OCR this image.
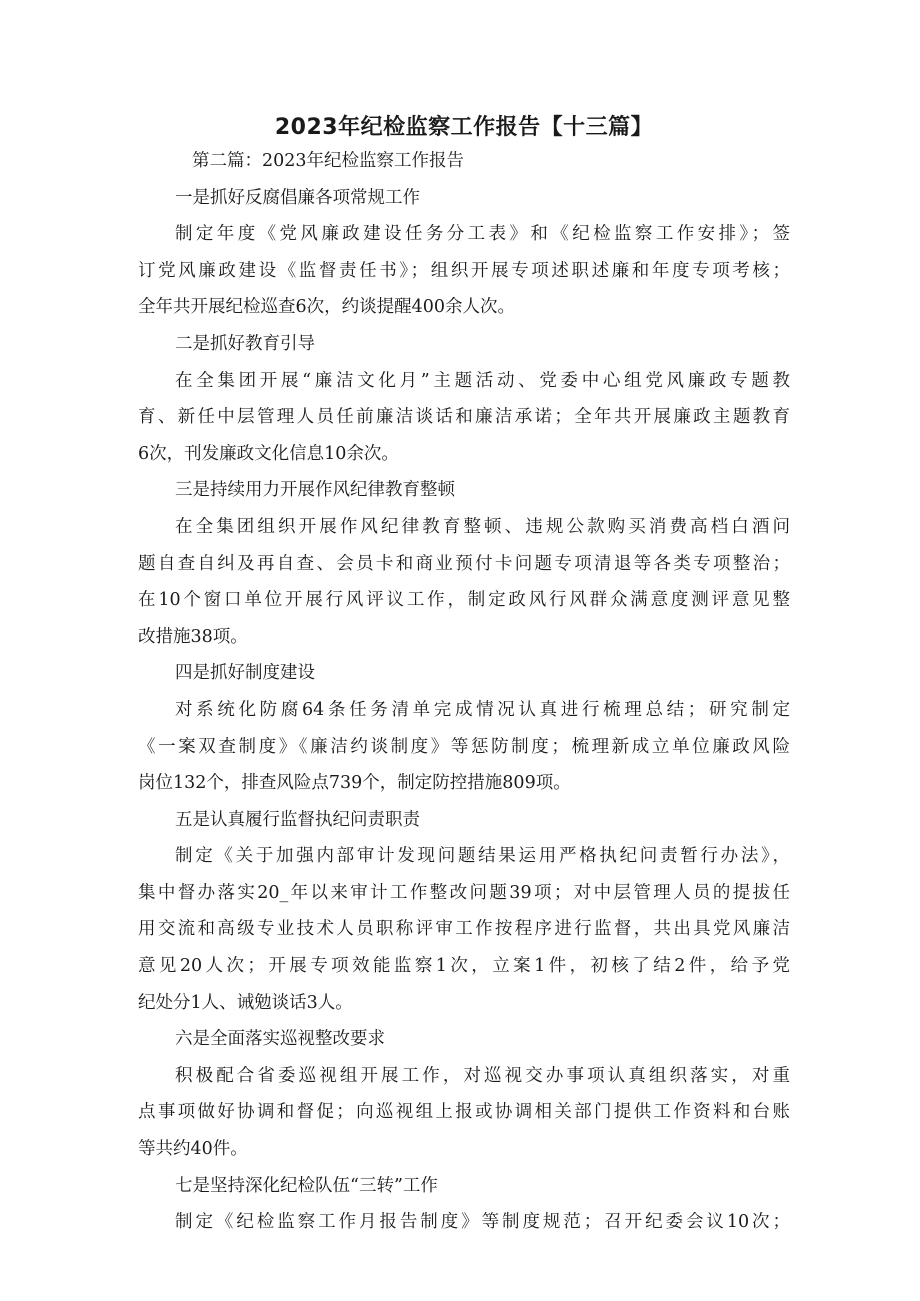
2023年纪检监察工作报告【十三篇】
第二篇：2023年纪检监察工作报告
一是抓好反腐倡廉各项常规工作
制定年度《党风廉政建设任务分工表》和《纪检监察工作安排》；签
订党风廉政建设《监督责任书》；组织开展专项述职述廉和年度专项考核；
全年共开展纪检巡查6次，约谈提醒400余人次。
二是抓好教育引导
在全集团开展“廉洁文化月”主题活动、党委中心组党风廉政专题教
育、新任中层管理人员任前廉洁谈话和廉洁承诺；全年共开展廉政主题教育
6次，刊发廉政文化信息10余次。
三是持续用力开展作风纪律教育整顿
在全集团组织开展作风纪律教育整顿、违规公款购买消费高档白酒问
题自查自纠及再自查、会员卡和商业预付卡问题专项清退等各类专项整治；
在10个窗口单位开展行风评议工作，制定政风行风群众满意度测评意见整
改措施38项。
四是抓好制度建设
对系统化防腐64条任务清单完成情况认真进行梳理总结；研究制定
《一案双查制度》《廉洁约谈制度》等惩防制度；梳理新成立单位廉政风险
岗位132个，排查风险点739个，制定防控措施809项。
五是认真履行监督执纪问责职责
制定《关于加强内部审计发现问题结果运用严格执纪问责暂行办法》，
集中督办落实20_年以来审计工作整改问题39项；对中层管理人员的提拔任
用交流和高级专业技术人员职称评审工作按程序进行监督，共出具党风廉洁
意见20人次；开展专项效能监察1次，立案1件，初核了结2件，给予党
纪处分1人、诫勉谈话3人。
六是全面落实巡视整改要求
积极配合省委巡视组开展工作，对巡视交办事项认真组织落实，对重
点事项做好协调和督促；向巡视组上报或协调相关部门提供工作资料和台账
等共约40件。
七是坚持深化纪检队伍“三转”工作
制定《纪检监察工作月报告制度》等制度规范；召开纪委会议10次；
